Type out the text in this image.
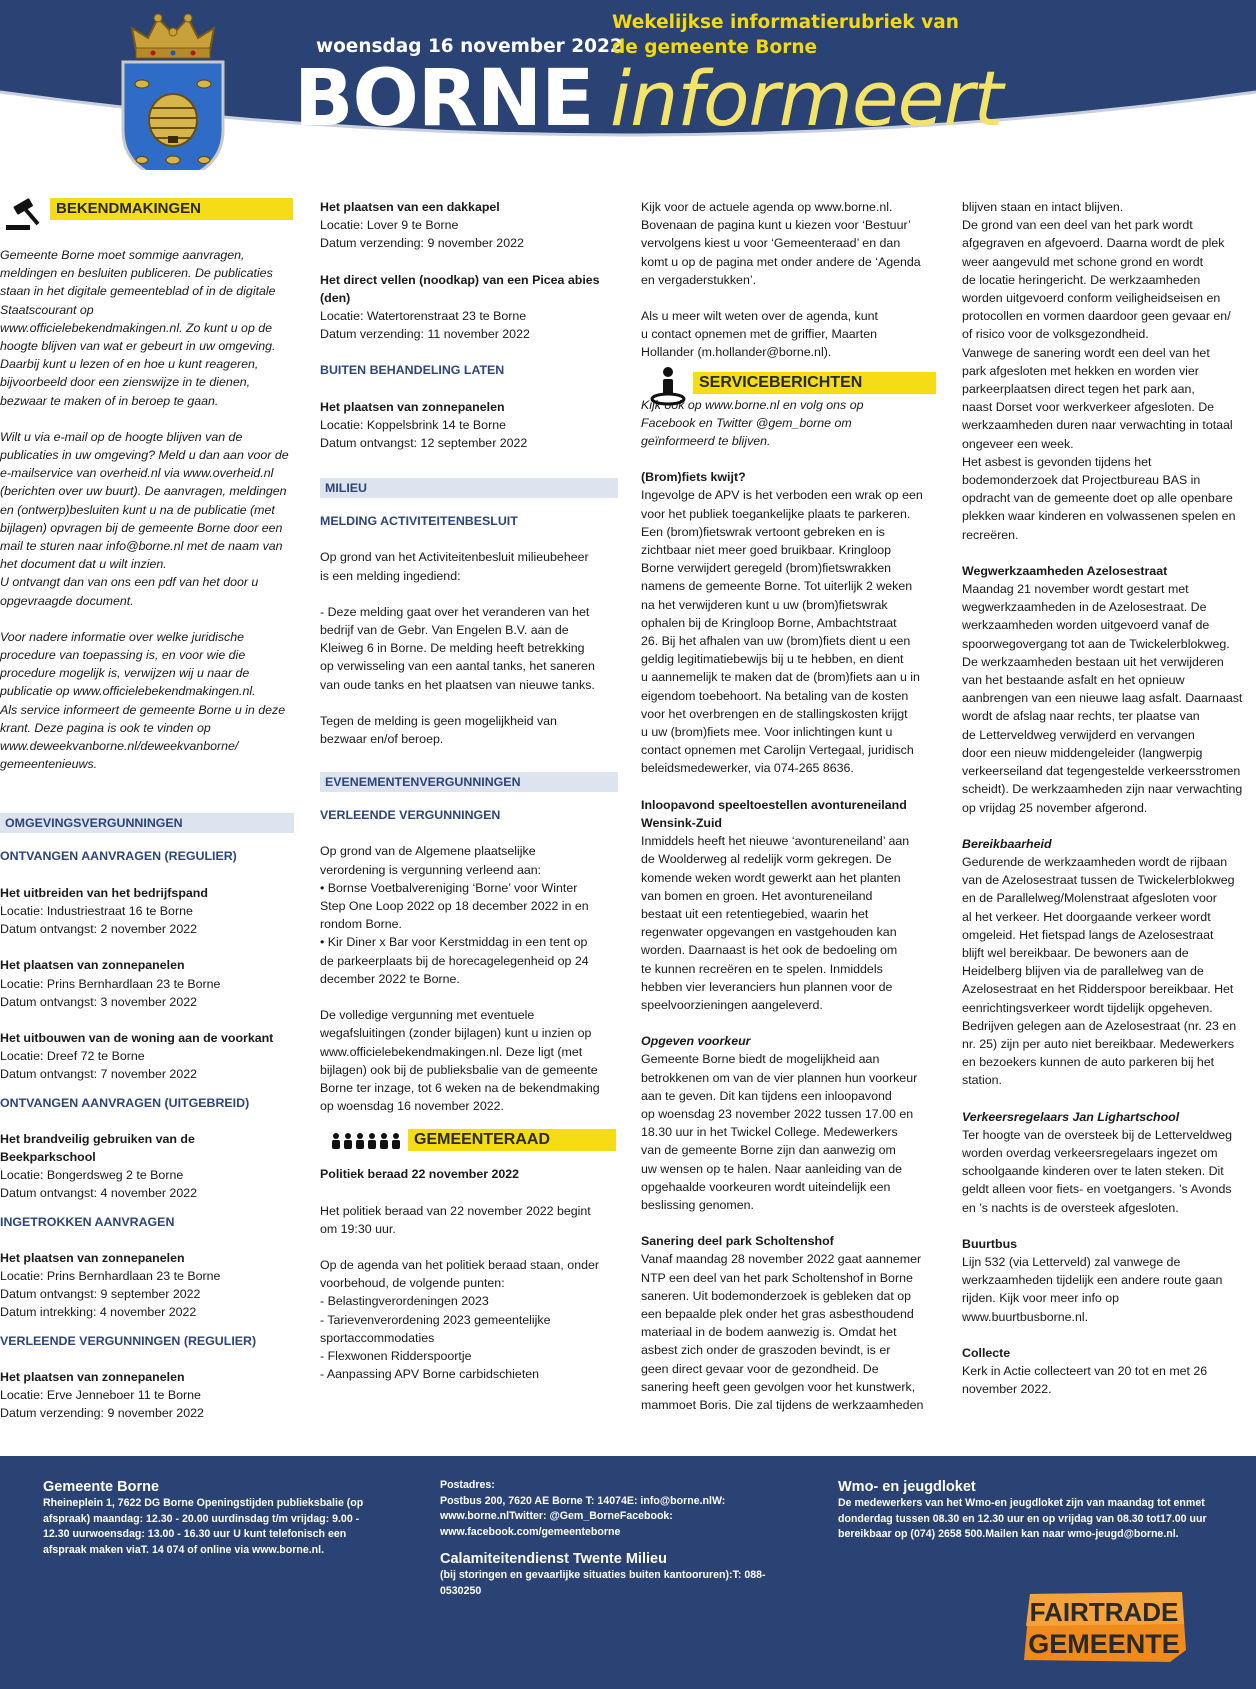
woensdag 16 november 2022
Wekelijkse informatierubriek van
de gemeente Borne
BORNE informeert
BEKENDMAKINGEN

Gemeente Borne moet sommige aanvragen,
meldingen en besluiten publiceren. De publicaties
staan in het digitale gemeenteblad of in de digitale
Staatscourant op
www.officielebekendmakingen.nl. Zo kunt u op de
hoogte blijven van wat er gebeurt in uw omgeving.
Daarbij kunt u lezen of en hoe u kunt reageren,
bijvoorbeeld door een zienswijze in te dienen,
bezwaar te maken of in beroep te gaan.

Wilt u via e-mail op de hoogte blijven van de
publicaties in uw omgeving? Meld u dan aan voor de
e-mailservice van overheid.nl via www.overheid.nl
(berichten over uw buurt). De aanvragen, meldingen
en (ontwerp)besluiten kunt u na de publicatie (met
bijlagen) opvragen bij de gemeente Borne door een
mail te sturen naar info@borne.nl met de naam van
het document dat u wilt inzien.
U ontvangt dan van ons een pdf van het door u
opgevraagde document.

Voor nadere informatie over welke juridische
procedure van toepassing is, en voor wie die
procedure mogelijk is, verwijzen wij u naar de
publicatie op www.officielebekendmakingen.nl.
Als service informeert de gemeente Borne u in deze
krant. Deze pagina is ook te vinden op
www.deweekvanborne.nl/deweekvanborne/
gemeentenieuws.

OMGEVINGSVERGUNNINGEN
ONTVANGEN AANVRAGEN (REGULIER)

Het uitbreiden van het bedrijfspand
Locatie: Industriestraat 16 te Borne
Datum ontvangst: 2 november 2022

Het plaatsen van zonnepanelen
Locatie: Prins Bernhardlaan 23 te Borne
Datum ontvangst: 3 november 2022

Het uitbouwen van de woning aan de voorkant
Locatie: Dreef 72 te Borne
Datum ontvangst: 7 november 2022

ONTVANGEN AANVRAGEN (UITGEBREID)

Het brandveilig gebruiken van de
Beekparkschool
Locatie: Bongerdsweg 2 te Borne
Datum ontvangst: 4 november 2022

INGETROKKEN AANVRAGEN

Het plaatsen van zonnepanelen
Locatie: Prins Bernhardlaan 23 te Borne
Datum ontvangst: 9 september 2022
Datum intrekking: 4 november 2022

VERLEENDE VERGUNNINGEN (REGULIER)

Het plaatsen van zonnepanelen
Locatie: Erve Jenneboer 11 te Borne
Datum verzending: 9 november 2022

Het plaatsen van een dakkapel
Locatie: Lover 9 te Borne
Datum verzending: 9 november 2022

Het direct vellen (noodkap) van een Picea abies
(den)
Locatie: Watertorenstraat 23 te Borne
Datum verzending: 11 november 2022

BUITEN BEHANDELING LATEN

Het plaatsen van zonnepanelen
Locatie: Koppelsbrink 14 te Borne
Datum ontvangst: 12 september 2022

MILIEU
MELDING ACTIVITEITENBESLUIT

Op grond van het Activiteitenbesluit milieubeheer
is een melding ingediend:

- Deze melding gaat over het veranderen van het
bedrijf van de Gebr. Van Engelen B.V. aan de
Kleiweg 6 in Borne. De melding heeft betrekking
op verwisseling van een aantal tanks, het saneren
van oude tanks en het plaatsen van nieuwe tanks.

Tegen de melding is geen mogelijkheid van
bezwaar en/of beroep.

EVENEMENTENVERGUNNINGEN
VERLEENDE VERGUNNINGEN

Op grond van de Algemene plaatselijke
verordening is vergunning verleend aan:
• Bornse Voetbalvereniging ‘Borne’ voor Winter
Step One Loop 2022 op 18 december 2022 in en
rondom Borne.
• Kir Diner x Bar voor Kerstmiddag in een tent op
de parkeerplaats bij de horecagelegenheid op 24
december 2022 te Borne.

De volledige vergunning met eventuele
wegafsluitingen (zonder bijlagen) kunt u inzien op
www.officielebekendmakingen.nl. Deze ligt (met
bijlagen) ook bij de publieksbalie van de gemeente
Borne ter inzage, tot 6 weken na de bekendmaking
op woensdag 16 november 2022.

GEMEENTERAAD

Politiek beraad 22 november 2022

Het politiek beraad van 22 november 2022 begint
om 19:30 uur.

Op de agenda van het politiek beraad staan, onder
voorbehoud, de volgende punten:
- Belastingverordeningen 2023
- Tarievenverordening 2023 gemeentelijke
sportaccommodaties
- Flexwonen Ridderspoortje
- Aanpassing APV Borne carbidschieten

Kijk voor de actuele agenda op www.borne.nl.
Bovenaan de pagina kunt u kiezen voor ‘Bestuur’
vervolgens kiest u voor ‘Gemeenteraad’ en dan
komt u op de pagina met onder andere de ‘Agenda
en vergaderstukken’.

Als u meer wilt weten over de agenda, kunt
u contact opnemen met de griffier, Maarten
Hollander (m.hollander@borne.nl).

SERVICEBERICHTEN

Kijk ook op www.borne.nl en volg ons op
Facebook en Twitter @gem_borne om
geïnformeerd te blijven.

(Brom)fiets kwijt?

Ingevolge de APV is het verboden een wrak op een
voor het publiek toegankelijke plaats te parkeren.
Een (brom)fietswrak vertoont gebreken en is
zichtbaar niet meer goed bruikbaar. Kringloop
Borne verwijdert geregeld (brom)fietswrakken
namens de gemeente Borne. Tot uiterlijk 2 weken
na het verwijderen kunt u uw (brom)fietswrak
ophalen bij de Kringloop Borne, Ambachtstraat
26. Bij het afhalen van uw (brom)fiets dient u een
geldig legitimatiebewijs bij u te hebben, en dient
u aannemelijk te maken dat de (brom)fiets aan u in
eigendom toebehoort. Na betaling van de kosten
voor het overbrengen en de stallingskosten krijgt
u uw (brom)fiets mee. Voor inlichtingen kunt u
contact opnemen met Carolijn Vertegaal, juridisch
beleidsmedewerker, via 074-265 8636.

Inloopavond speeltoestellen avontureneiland
Wensink-Zuid

Inmiddels heeft het nieuwe ‘avontureneiland’ aan
de Woolderweg al redelijk vorm gekregen. De
komende weken wordt gewerkt aan het planten
van bomen en groen. Het avontureneiland
bestaat uit een retentiegebied, waarin het
regenwater opgevangen en vastgehouden kan
worden. Daarnaast is het ook de bedoeling om
te kunnen recreëren en te spelen. Inmiddels
hebben vier leveranciers hun plannen voor de
speelvoorzieningen aangeleverd.

Opgeven voorkeur

Gemeente Borne biedt de mogelijkheid aan
betrokkenen om van de vier plannen hun voorkeur
aan te geven. Dit kan tijdens een inloopavond
op woensdag 23 november 2022 tussen 17.00 en
18.30 uur in het Twickel College. Medewerkers
van de gemeente Borne zijn dan aanwezig om
uw wensen op te halen. Naar aanleiding van de
opgehaalde voorkeuren wordt uiteindelijk een
beslissing genomen.

Sanering deel park Scholtenshof

Vanaf maandag 28 november 2022 gaat aannemer
NTP een deel van het park Scholtenshof in Borne
saneren. Uit bodemonderzoek is gebleken dat op
een bepaalde plek onder het gras asbesthoudend
materiaal in de bodem aanwezig is. Omdat het
asbest zich onder de graszoden bevindt, is er
geen direct gevaar voor de gezondheid. De
sanering heeft geen gevolgen voor het kunstwerk,
mammoet Boris. Die zal tijdens de werkzaamheden

blijven staan en intact blijven.
De grond van een deel van het park wordt
afgegraven en afgevoerd. Daarna wordt de plek
weer aangevuld met schone grond en wordt
de locatie heringericht. De werkzaamheden
worden uitgevoerd conform veiligheidseisen en
protocollen en vormen daardoor geen gevaar en/
of risico voor de volksgezondheid.
Vanwege de sanering wordt een deel van het
park afgesloten met hekken en worden vier
parkeerplaatsen direct tegen het park aan,
naast Dorset voor werkverkeer afgesloten. De
werkzaamheden duren naar verwachting in totaal
ongeveer een week.
Het asbest is gevonden tijdens het
bodemonderzoek dat Projectbureau BAS in
opdracht van de gemeente doet op alle openbare
plekken waar kinderen en volwassenen spelen en
recreëren.

Wegwerkzaamheden Azelosestraat

Maandag 21 november wordt gestart met
wegwerkzaamheden in de Azelosestraat. De
werkzaamheden worden uitgevoerd vanaf de
spoorwegovergang tot aan de Twickelerblokweg.
De werkzaamheden bestaan uit het verwijderen
van het bestaande asfalt en het opnieuw
aanbrengen van een nieuwe laag asfalt. Daarnaast
wordt de afslag naar rechts, ter plaatse van
de Letterveldweg verwijderd en vervangen
door een nieuw middengeleider (langwerpig
verkeerseiland dat tegengestelde verkeersstromen
scheidt). De werkzaamheden zijn naar verwachting
op vrijdag 25 november afgerond.

Bereikbaarheid

Gedurende de werkzaamheden wordt de rijbaan
van de Azelosestraat tussen de Twickelerblokweg
en de Parallelweg/Molenstraat afgesloten voor
al het verkeer. Het doorgaande verkeer wordt
omgeleid. Het fietspad langs de Azelosestraat
blijft wel bereikbaar. De bewoners aan de
Heidelberg blijven via de parallelweg van de
Azelosestraat en het Ridderspoor bereikbaar. Het
eenrichtingsverkeer wordt tijdelijk opgeheven.
Bedrijven gelegen aan de Azelosestraat (nr. 23 en
nr. 25) zijn per auto niet bereikbaar. Medewerkers
en bezoekers kunnen de auto parkeren bij het
station.

Verkeersregelaars Jan Lighartschool

Ter hoogte van de oversteek bij de Letterveldweg
worden overdag verkeersregelaars ingezet om
schoolgaande kinderen over te laten steken. Dit
geldt alleen voor fiets- en voetgangers. ’s Avonds
en ’s nachts is de oversteek afgesloten.

Buurtbus

Lijn 532 (via Letterveld) zal vanwege de
werkzaamheden tijdelijk een andere route gaan
rijden. Kijk voor meer info op
www.buurtbusborne.nl.

Collecte

Kerk in Actie collecteert van 20 tot en met 26
november 2022.

Gemeente Borne
Rheineplein 1, 7622 DG Borne Openingstijden publieksbalie (op afspraak) maandag: 12.30 - 20.00 uurdinsdag t/m vrijdag: 9.00 - 12.30 uurwoensdag: 13.00 - 16.30 uur U kunt telefonisch een afspraak maken viaT. 14 074 of online via www.borne.nl.
Postadres:
Postbus 200, 7620 AE Borne T: 14074E: info@borne.nlW: www.borne.nlTwitter: @Gem_BorneFacebook: www.facebook.com/gemeenteborne
Calamiteitendienst Twente Milieu
(bij storingen en gevaarlijke situaties buiten kantooruren):T: 088-0530250
Wmo- en jeugdloket
De medewerkers van het Wmo-en jeugdloket zijn van maandag tot enmet donderdag tussen 08.30 en 12.30 uur en op vrijdag van 08.30 tot17.00 uur bereikbaar op (074) 2658 500.Mailen kan naar wmo-jeugd@borne.nl.
FAIRTRADE
GEMEENTE
